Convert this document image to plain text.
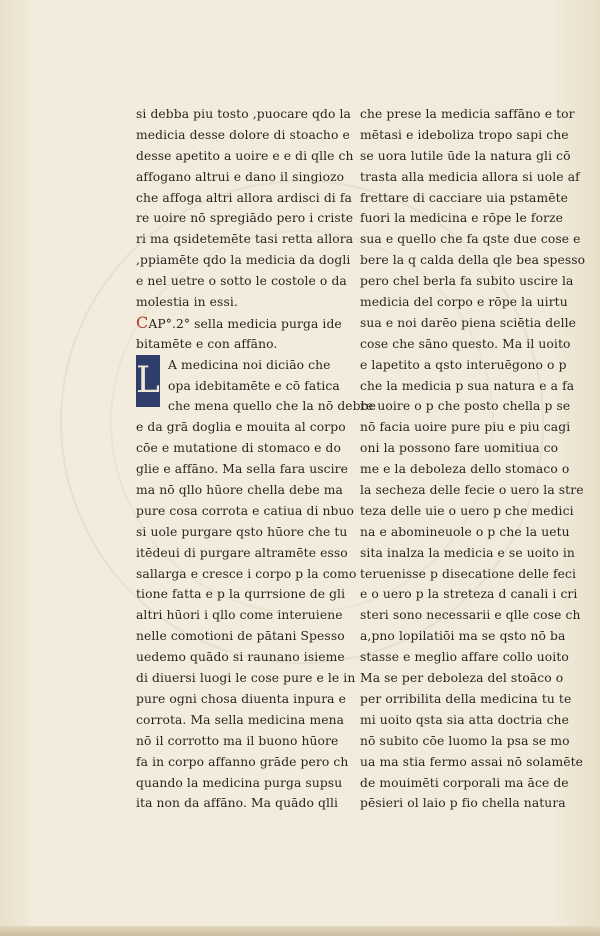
si debba piu tosto ,puocare qdo la
medicia desse dolore di stoacho e
desse apetito a uoire e e di qlle ch
affogano altrui e dano il singiozo
che affoga altri allora ardisci di fa
re uoire nō spregiādo pero i criste
ri ma qsidetemēte tasi retta allora
,ppiamēte qdo la medicia da dogli
e nel uetre o sotto le costole o da
molestia in essi.
CAP°.2° sella medicia purga ide
bitamēte e con affāno.
L A medicina noi diciāo che
opa idebitamēte e cō fatica
che mena quello che la nō debbe
e da grā doglia e mouita al corpo
cōe e mutatione di stomaco e do
glie e affāno. Ma sella fara uscire
ma nō qllo hūore chella debe ma
pure cosa corrota e catiua di nbuo
si uole purgare qsto hūore che tu
itēdeui di purgare altramēte esso
sallarga e cresce i corpo p la como
tione fatta e p la qurrsione de gli
altri hūori i qllo come interuiene
nelle comotioni de pātani Spesso
uedemo quādo si raunano isieme
di diuersi luogi le cose pure e le in
pure ogni chosa diuenta inpura e
corrota. Ma sella medicina mena
nō il corrotto ma il buono hūore
fa in corpo affanno grāde pero ch
quando la medicina purga supsu
ita non da affāno. Ma quādo qlli
che prese la medicia saffāno e tor
mētasi e ideboliza tropo sapi che
se uora lutile ūde la natura gli cō
trasta alla medicia allora si uole af
frettare di cacciare uia pstamēte
fuori la medicina e rōpe le forze
sua e quello che fa qste due cose e
bere la q calda della qle bea spesso
pero chel berla fa subito uscire la
medicia del corpo e rōpe la uirtu
sua e noi darēo piena sciētia delle
cose che sāno questo. Ma il uoito
e lapetito a qsto interuēgono o p
che la medicia p sua natura e a fa
re uoire o p che posto chella p se
nō facia uoire pure piu e piu cagi
oni la possono fare uomitiua co
me e la deboleza dello stomaco o
la secheza delle fecie o uero la stre
teza delle uie o uero p che medici
na e abomineuole o p che la uetu
sita inalza la medicia e se uoito in
teruenisse p disecatione delle feci
e o uero p la streteza d canali i cri
steri sono necessarii e qlle cose ch
a,pno lopilatiōi ma se qsto nō ba
stasse e meglio affare collo uoito
Ma se per deboleza del stoāco o
per orribilita della medicina tu te
mi uoito qsta sia atta doctria che
nō subito cōe luomo la psa se mo
ua ma stia fermo assai nō solamēte
de mouimēti corporali ma āce de
pēsieri ol laio p fio chella natura
